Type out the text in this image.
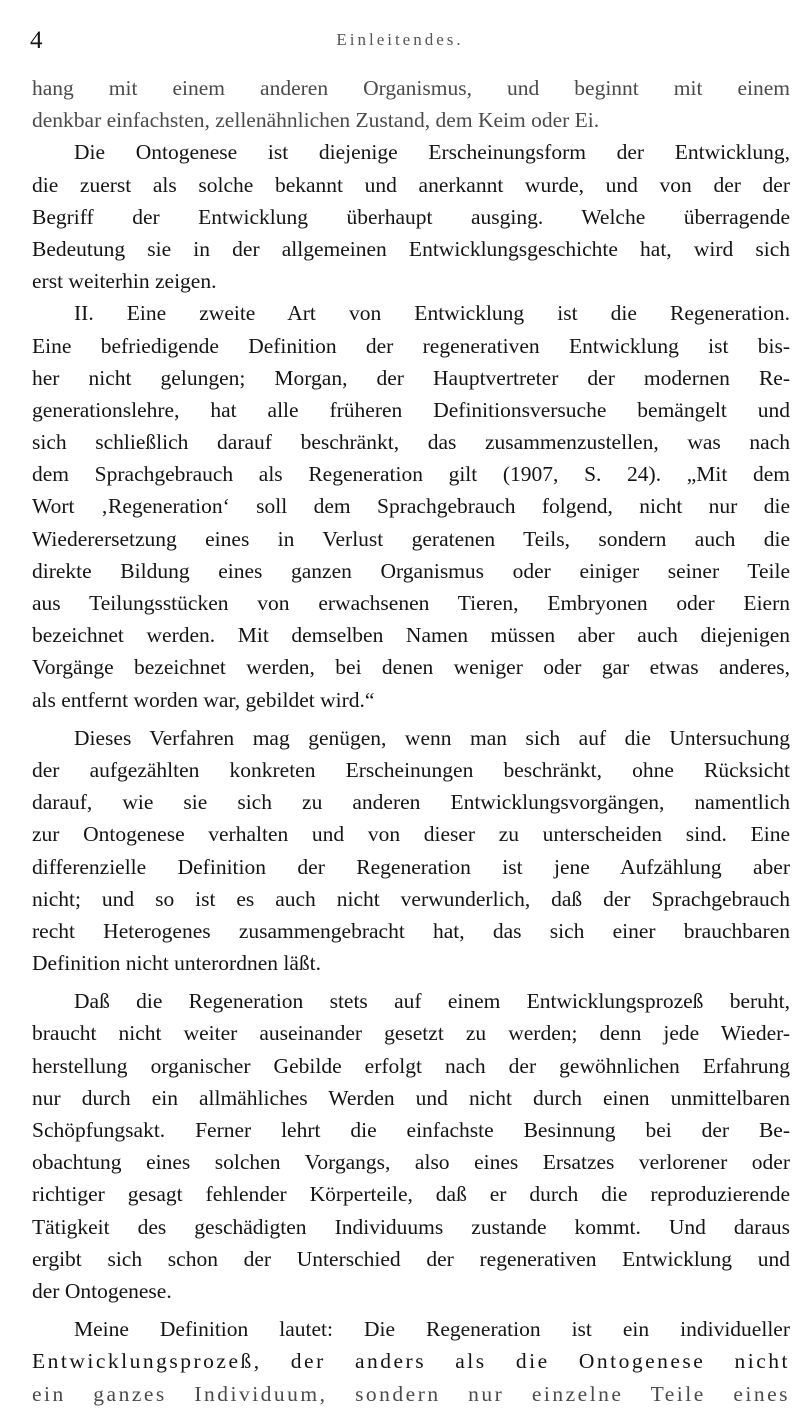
4	Einleitendes.
hang mit einem anderen Organismus, und beginnt mit einem
denkbar einfachsten, zellenähnlichen Zustand, dem Keim oder Ei.
Die Ontogenese ist diejenige Erscheinungsform der Entwicklung,
die zuerst als solche bekannt und anerkannt wurde, und von der der
Begriff der Entwicklung überhaupt ausging. Welche überragende
Bedeutung sie in der allgemeinen Entwicklungsgeschichte hat, wird sich
erst weiterhin zeigen.
II. Eine zweite Art von Entwicklung ist die Regeneration.
Eine befriedigende Definition der regenerativen Entwicklung ist bis-
her nicht gelungen; Morgan, der Hauptvertreter der modernen Re-
generationslehre, hat alle früheren Definitionsversuche bemängelt und
sich schließlich darauf beschränkt, das zusammenzustellen, was nach
dem Sprachgebrauch als Regeneration gilt (1907, S. 24). „Mit dem
Wort ‚Regeneration‘ soll dem Sprachgebrauch folgend, nicht nur die
Wiederersetzung eines in Verlust geratenen Teils, sondern auch die
direkte Bildung eines ganzen Organismus oder einiger seiner Teile
aus Teilungsstücken von erwachsenen Tieren, Embryonen oder Eiern
bezeichnet werden. Mit demselben Namen müssen aber auch diejenigen
Vorgänge bezeichnet werden, bei denen weniger oder gar etwas anderes,
als entfernt worden war, gebildet wird.“
Dieses Verfahren mag genügen, wenn man sich auf die Untersuchung
der aufgezählten konkreten Erscheinungen beschränkt, ohne Rücksicht
darauf, wie sie sich zu anderen Entwicklungsvorgängen, namentlich
zur Ontogenese verhalten und von dieser zu unterscheiden sind. Eine
differenzielle Definition der Regeneration ist jene Aufzählung aber
nicht; und so ist es auch nicht verwunderlich, daß der Sprachgebrauch
recht Heterogenes zusammengebracht hat, das sich einer brauchbaren
Definition nicht unterordnen läßt.
Daß die Regeneration stets auf einem Entwicklungsprozeß beruht,
braucht nicht weiter auseinander gesetzt zu werden; denn jede Wieder-
herstellung organischer Gebilde erfolgt nach der gewöhnlichen Erfahrung
nur durch ein allmähliches Werden und nicht durch einen unmittelbaren
Schöpfungsakt. Ferner lehrt die einfachste Besinnung bei der Be-
obachtung eines solchen Vorgangs, also eines Ersatzes verlorener oder
richtiger gesagt fehlender Körperteile, daß er durch die reproduzierende
Tätigkeit des geschädigten Individuums zustande kommt. Und daraus
ergibt sich schon der Unterschied der regenerativen Entwicklung und
der Ontogenese.
Meine Definition lautet: Die Regeneration ist ein individueller
Entwicklungsprozeß, der anders als die Ontogenese nicht
ein ganzes Individuum, sondern nur einzelne Teile eines
